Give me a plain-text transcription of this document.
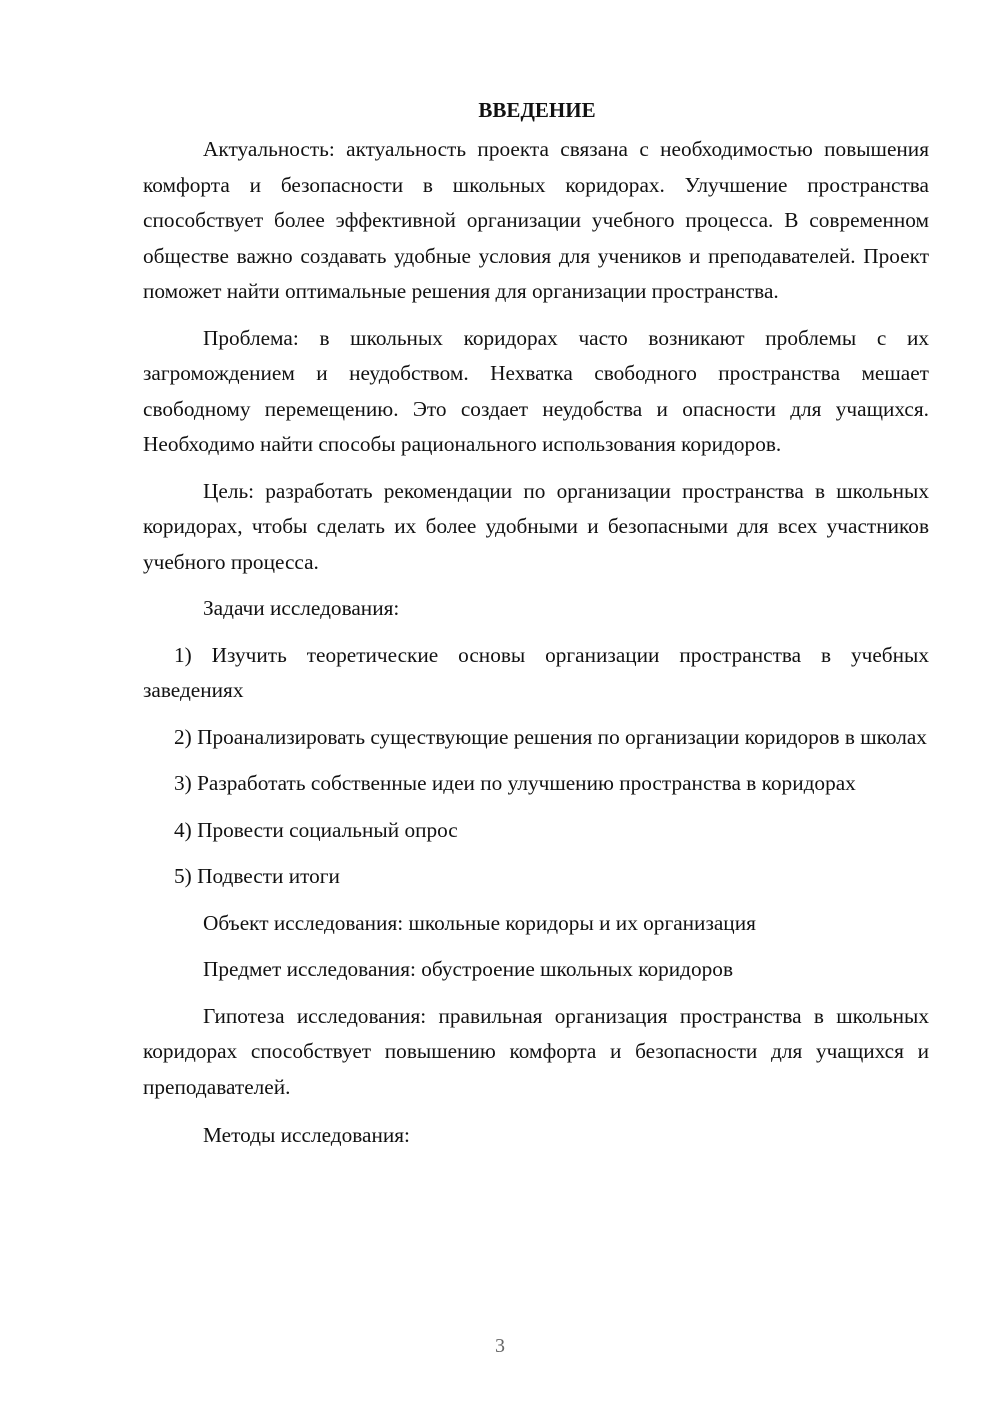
ВВЕДЕНИЕ

Актуальность: актуальность проекта связана с необходимостью повышения комфорта и безопасности в школьных коридорах. Улучшение пространства способствует более эффективной организации учебного процесса. В современном обществе важно создавать удобные условия для учеников и преподавателей. Проект поможет найти оптимальные решения для организации пространства.

Проблема: в школьных коридорах часто возникают проблемы с их загромождением и неудобством. Нехватка свободного пространства мешает свободному перемещению. Это создает неудобства и опасности для учащихся. Необходимо найти способы рационального использования коридоров.

Цель: разработать рекомендации по организации пространства в школьных коридорах, чтобы сделать их более удобными и безопасными для всех участников учебного процесса.

Задачи исследования:

1) Изучить теоретические основы организации пространства в учебных заведениях

2) Проанализировать существующие решения по организации коридоров в школах

3) Разработать собственные идеи по улучшению пространства в коридорах

4) Провести социальный опрос

5) Подвести итоги

Объект исследования: школьные коридоры и их организация

Предмет исследования: обустроение школьных коридоров

Гипотеза исследования: правильная организация пространства в школьных коридорах способствует повышению комфорта и безопасности для учащихся и преподавателей.

Методы исследования:

3
